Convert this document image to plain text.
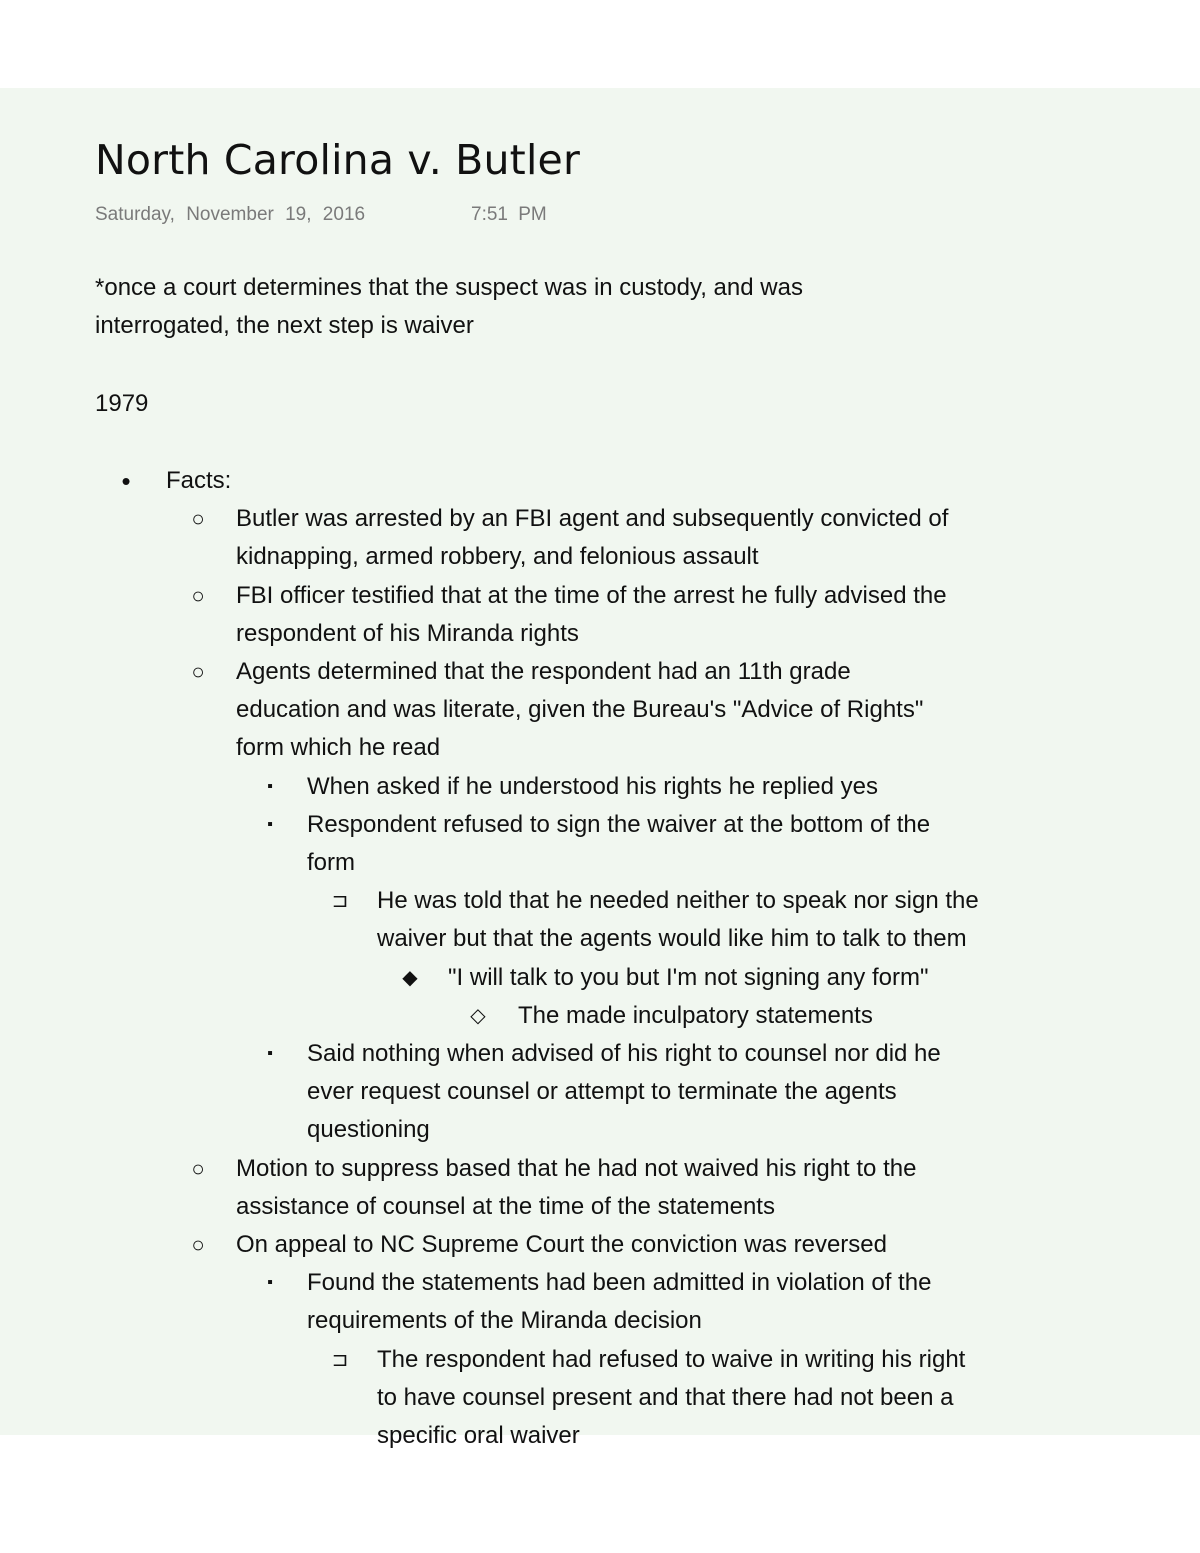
North Carolina v. Butler
Saturday, November 19, 2016	7:51 PM

*once a court determines that the suspect was in custody, and was

interrogated, the next step is waiver

1979

•	Facts:

○ Butler was arrested by an FBI agent and subsequently convicted of

kidnapping, armed robbery, and felonious assault

○ FBI officer testified that at the time of the arrest he fully advised the

respondent of his Miranda rights

○ Agents determined that the respondent had an 11th grade

education and was literate, given the Bureau's "Advice of Rights"

form which he read

▪	When asked if he understood his rights he replied yes

▪	Respondent refused to sign the waiver at the bottom of the

form

⊐ He was told that he needed neither to speak nor sign the

waiver but that the agents would like him to talk to them

◆ "I will talk to you but I'm not signing any form"

◇ The made inculpatory statements

▪	Said nothing when advised of his right to counsel nor did he

ever request counsel or attempt to terminate the agents

questioning

○ Motion to suppress based that he had not waived his right to the

assistance of counsel at the time of the statements

○ On appeal to NC Supreme Court the conviction was reversed

▪	Found the statements had been admitted in violation of the

requirements of the Miranda decision

⊐ The respondent had refused to waive in writing his right

to have counsel present and that there had not been a

specific oral waiver
